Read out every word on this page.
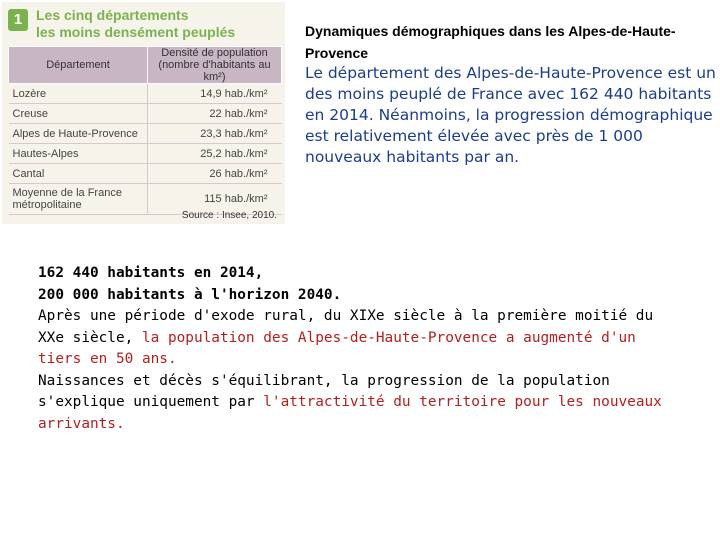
1 Les cinq départements
les moins densément peuplés
Département	Densité de population
(nombre d'habitants au km²)

Lozère	14,9 hab./km²
Creuse	22 hab./km²
Alpes de Haute-Provence	23,3 hab./km²
Hautes-Alpes	25,2 hab./km²
Cantal	26 hab./km²

Moyenne de la France
métropolitaine	115 hab./km²
Source : Insee, 2010.
Dynamiques démographiques dans les Alpes-de-Haute-Provence
Le département des Alpes-de-Haute-Provence est un des moins peuplé de France avec 162 440 habitants en 2014. Néanmoins, la progression démographique est relativement élevée avec près de 1 000 nouveaux habitants par an.
162 440 habitants en 2014,
200 000 habitants à l'horizon 2040.
Après une période d'exode rural, du XIXe siècle à la première moitié du XXe siècle, la population des Alpes-de-Haute-Provence a augmenté d'un tiers en 50 ans.
Naissances et décès s'équilibrant, la progression de la population s'explique uniquement par l'attractivité du territoire pour les nouveaux arrivants.
